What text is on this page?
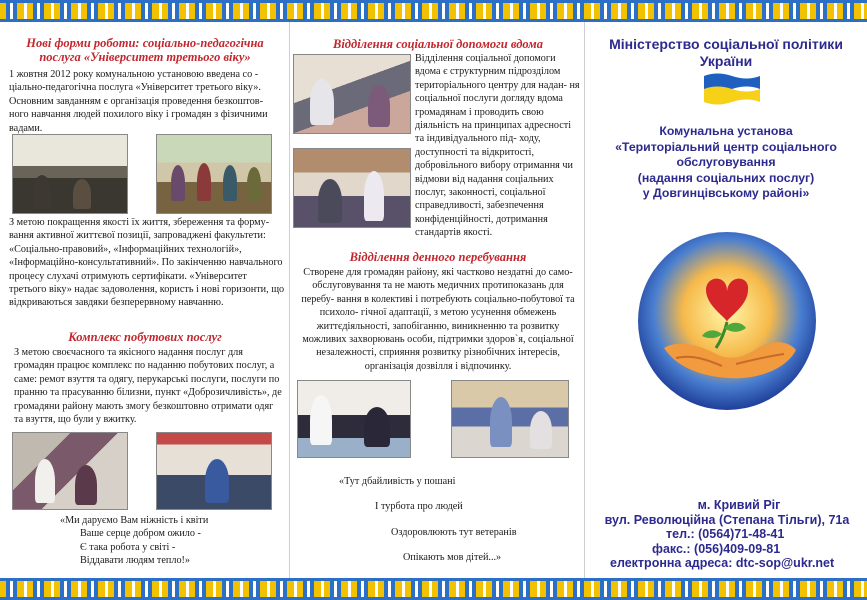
Нові форми роботи: соціально-педагогічна
послуга «Університет третього віку»

1 жовтня 2012 року комунальною установою введена со - ціально-педагогічна послуга «Університет третього віку». Основним завданням є організація проведення безкоштов- ного навчання людей похилого віку і громадян з фізичними вадами.

З метою покращення якості їх життя, збереження та форму- вання активної життєвої позиції, запроваджені факультети: «Соціально-правовий», «Інформаційних технологій», «Інформаційно-консультативний». По закінченню навчального процесу слухачі отримують сертифікати. «Університет третього віку» надає задоволення, користь і нові горизонти, що відкриваються завдяки безперервному навчанню.

Комплекс побутових послуг

З метою своєчасного та якісного надання послуг для громадян працює комплекс по наданню побутових послуг, а саме: ремот взуття та одягу, перукарські послуги, послуги по пранню та прасуванню білизни, пункт «Доброзичливість», де громадяни району мають змогу безкоштовно отримати одяг та взуття, що були у вжитку.

«Ми даруємо Вам ніжність і квіти
Ваше серце добром ожило -
Є така робота у світі -
Віддавати людям тепло!»
Відділення соціальної допомоги вдома

Відділення соціальної допомоги вдома є структурним підрозділом територіального центру для надан- ня соціальної послуги догляду вдома громадянам і проводить свою діяльність на принципах адресності та індивідуального під- ходу, доступності та відкритості, добровільного вибору отримання чи відмови від надання соціальних послуг, законності, соціальної справедливості, забезпечення конфіденційності, дотримання стандартів якості.

Відділення денного перебування

Створене для громадян району, які частково нездатні до само- обслуговування та не мають медичних протипоказань для перебу- вання в колективі і потребують соціально-побутової та психоло- гічної адаптації, з метою усунення обмежень життєдіяльності, запобіганню, виникненню та розвитку можливих захворювань особи, підтримки здоров`я, соціальної незалежності, сприяння розвитку різнобічних інтересів, організація дозвілля і відпочинку.

«Тут дбайливість у пошані
І турбота про людей
Оздоровлюють тут ветеранів
Опікають мов дітей...»
Міністерство соціальної політики України
Комунальна установа
«Територіальний центр соціального
обслуговування
(надання соціальних послуг)
у Довгинцівському районі»
м. Кривий Ріг
вул. Революційна (Степана Тільги), 71а
тел.: (0564)71-48-41
факс.: (056)409-09-81
електронна адреса: dtc-sop@ukr.net
